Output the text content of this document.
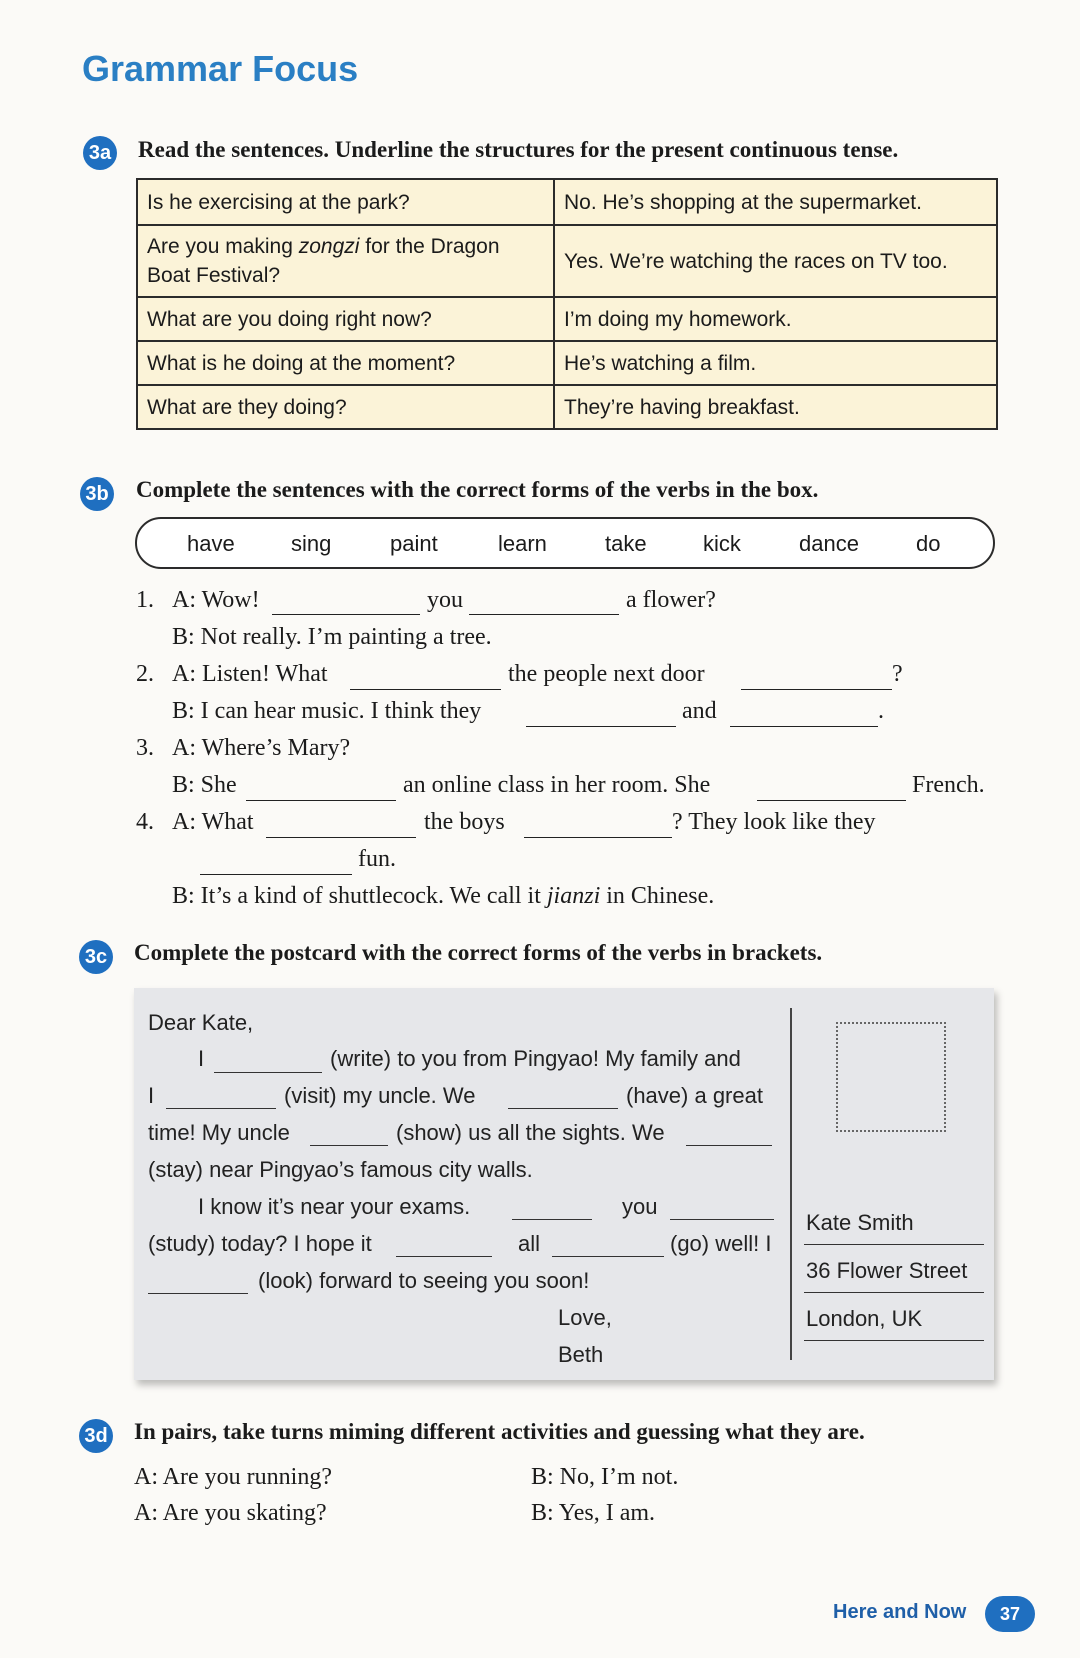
Grammar Focus
3a Read the sentences. Underline the structures for the present continuous tense.
Is he exercising at the park?	No. He’s shopping at the supermarket.
Are you making zongzi for the Dragon Boat Festival?	Yes. We’re watching the races on TV too.
What are you doing right now?	I’m doing my homework.
What is he doing at the moment?	He’s watching a film.
What are they doing?	They’re having breakfast.
3b Complete the sentences with the correct forms of the verbs in the box.
have	sing	paint	learn	take	kick	dance	do
1. A: Wow!	you	a flower?
B: Not really. I’m painting a tree.
2. A: Listen! What	the people next door	?
B: I can hear music. I think they	and	.
3. A: Where’s Mary?
B: She	an online class in her room. She	French.
4. A: What	the boys	? They look like they
fun.
B: It’s a kind of shuttlecock. We call it jianzi in Chinese.
3c Complete the postcard with the correct forms of the verbs in brackets.
Dear Kate,
I	(write) to you from Pingyao! My family and
I	(visit) my uncle. We	(have) a great
time! My uncle	(show) us all the sights. We
(stay) near Pingyao’s famous city walls.
I know it’s near your exams.	you
(study) today? I hope it	all	(go) well! I
(look) forward to seeing you soon!
Love,
Beth
Kate Smith
36 Flower Street
London, UK
3d In pairs, take turns miming different activities and guessing what they are.
A: Are you running?	B: No, I’m not.
A: Are you skating?	B: Yes, I am.
Here and Now	37
